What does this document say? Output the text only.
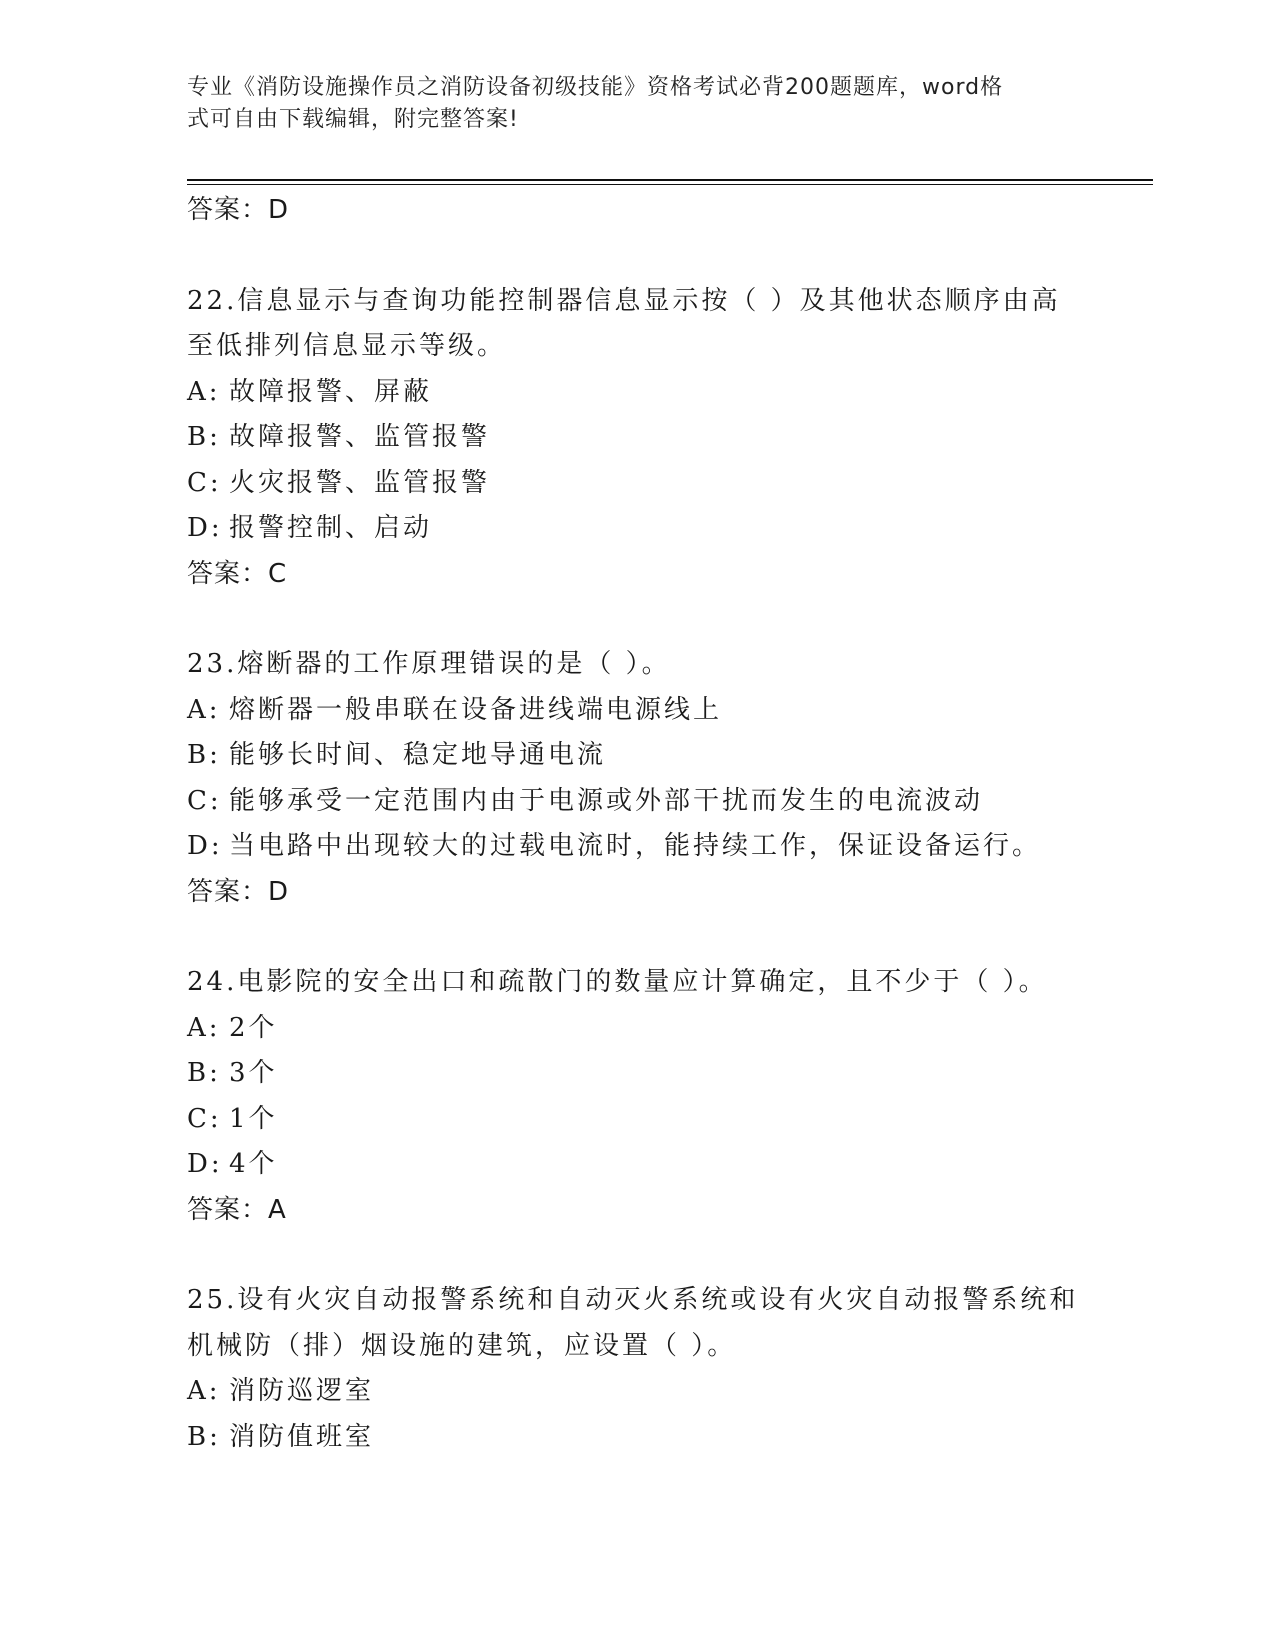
专业《消防设施操作员之消防设备初级技能》资格考试必背200题题库，word格
式可自由下载编辑，附完整答案!
答案：D
22.信息显示与查询功能控制器信息显示按（ ）及其他状态顺序由高
至低排列信息显示等级。
A: 故障报警、屏蔽
B: 故障报警、监管报警
C: 火灾报警、监管报警
D: 报警控制、启动
答案：C
23.熔断器的工作原理错误的是（ ）。
A: 熔断器一般串联在设备进线端电源线上
B: 能够长时间、稳定地导通电流
C: 能够承受一定范围内由于电源或外部干扰而发生的电流波动
D: 当电路中出现较大的过载电流时，能持续工作，保证设备运行。
答案：D
24.电影院的安全出口和疏散门的数量应计算确定，且不少于（ ）。
A: 2个
B: 3个
C: 1个
D: 4个
答案：A
25.设有火灾自动报警系统和自动灭火系统或设有火灾自动报警系统和
机械防（排）烟设施的建筑，应设置（ ）。
A: 消防巡逻室
B: 消防值班室
